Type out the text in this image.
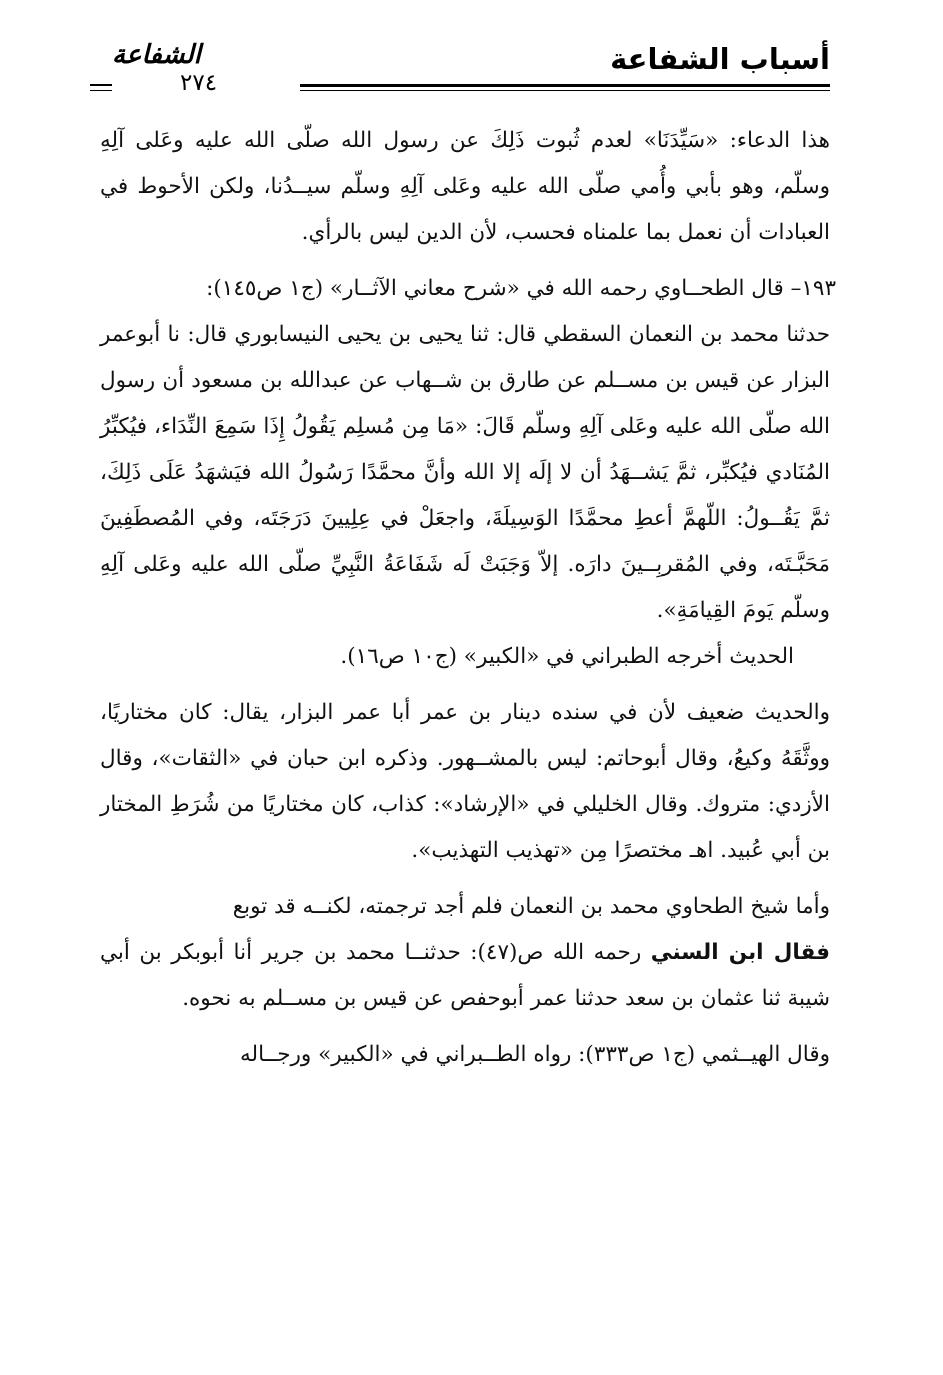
أسباب الشفاعة
الشفاعة
٢٧٤

هذا الدعاء: «سَيِّدَنَا» لعدم ثُبوت ذَلِكَ عن رسول الله صلّى الله عليه وعَلى آلِهِ وسلّم، وهو بأبي وأُمي صلّى الله عليه وعَلى آلِهِ وسلّم سيــدُنا، ولكن الأحوط في العبادات أن نعمل بما علمناه فحسب، لأن الدين ليس بالرأي.

١٩٣– قال الطحــاوي رحمه الله في «شرح معاني الآثــار» (ج١ ص١٤٥):

حدثنا محمد بن النعمان السقطي قال: ثنا يحيى بن يحيى النيسابوري قال: نا أبوعمر البزار عن قيس بن مســلم عن طارق بن شــهاب عن عبدالله بن مسعود أن رسول الله صلّى الله عليه وعَلى آلِهِ وسلّم قَالَ: «مَا مِن مُسلِم يَقُولُ إِذَا سَمِعَ النِّدَاء، فيُكبِّرُ المُنَادي فيُكبِّر، ثمَّ يَشــهَدُ أن لا إلَه إلا الله وأنَّ محمَّدًا رَسُولُ الله فيَشهَدُ عَلَى ذَلِكَ، ثمَّ يَقُــولُ: اللّهمَّ أعطِ محمَّدًا الوَسِيلَةَ، واجعَلْ في عِلِيينَ دَرَجَتَه، وفي المُصطَفِينَ مَحَبَّـتَه، وفي المُقربِــينَ دارَه. إلاّ وَجَبَتْ لَه شَفَاعَةُ النَّبِيِّ صلّى الله عليه وعَلى آلِهِ وسلّم يَومَ القِيامَةِ».

الحديث أخرجه الطبراني في «الكبير» (ج١٠ ص١٦).

والحديث ضعيف لأن في سنده دينار بن عمر أبا عمر البزار، يقال: كان مختاريًا، ووثَّقَهُ وكيعُ، وقال أبوحاتم: ليس بالمشــهور. وذكره ابن حبان في «الثقات»، وقال الأزدي: متروك. وقال الخليلي في «الإرشاد»: كذاب، كان مختاريًا من شُرَطِ المختار بن أبي عُبيد. اهـ مختصرًا مِن «تهذيب التهذيب».

وأما شيخ الطحاوي محمد بن النعمان فلم أجد ترجمته، لكنــه قد توبع

فقال ابن السني رحمه الله ص(٤٧): حدثنــا محمد بن جرير أنا أبوبكر بن أبي شيبة ثنا عثمان بن سعد حدثنا عمر أبوحفص عن قيس بن مســلم به نحوه.

وقال الهيــثمي (ج١ ص٣٣٣): رواه الطــبراني في «الكبير» ورجــاله
